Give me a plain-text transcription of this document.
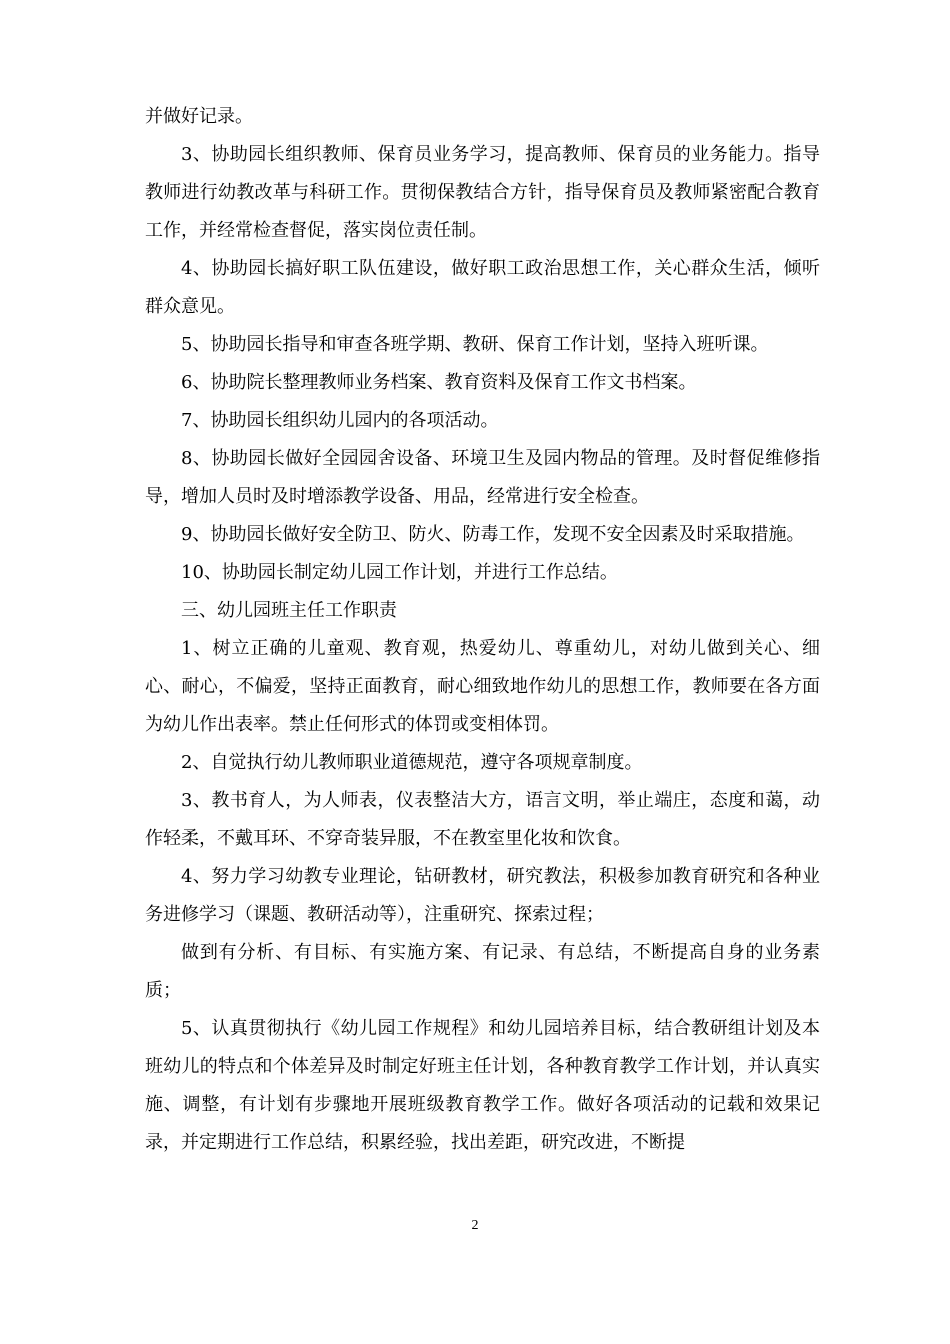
并做好记录。

3、协助园长组织教师、保育员业务学习，提高教师、保育员的业务能力。指导教师进行幼教改革与科研工作。贯彻保教结合方针，指导保育员及教师紧密配合教育工作，并经常检查督促，落实岗位责任制。

4、协助园长搞好职工队伍建设，做好职工政治思想工作，关心群众生活，倾听群众意见。

5、协助园长指导和审查各班学期、教研、保育工作计划，坚持入班听课。

6、协助院长整理教师业务档案、教育资料及保育工作文书档案。

7、协助园长组织幼儿园内的各项活动。

8、协助园长做好全园园舍设备、环境卫生及园内物品的管理。及时督促维修指导，增加人员时及时增添教学设备、用品，经常进行安全检查。

9、协助园长做好安全防卫、防火、防毒工作，发现不安全因素及时采取措施。

10、协助园长制定幼儿园工作计划，并进行工作总结。

三、幼儿园班主任工作职责

1、树立正确的儿童观、教育观，热爱幼儿、尊重幼儿，对幼儿做到关心、细心、耐心，不偏爱，坚持正面教育，耐心细致地作幼儿的思想工作，教师要在各方面为幼儿作出表率。禁止任何形式的体罚或变相体罚。

2、自觉执行幼儿教师职业道德规范，遵守各项规章制度。

3、教书育人，为人师表，仪表整洁大方，语言文明，举止端庄，态度和蔼，动作轻柔，不戴耳环、不穿奇装异服，不在教室里化妆和饮食。

4、努力学习幼教专业理论，钻研教材，研究教法，积极参加教育研究和各种业务进修学习（课题、教研活动等），注重研究、探索过程；

做到有分析、有目标、有实施方案、有记录、有总结，不断提高自身的业务素质；

5、认真贯彻执行《幼儿园工作规程》和幼儿园培养目标，结合教研组计划及本班幼儿的特点和个体差异及时制定好班主任计划，各种教育教学工作计划，并认真实施、调整，有计划有步骤地开展班级教育教学工作。做好各项活动的记载和效果记录，并定期进行工作总结，积累经验，找出差距，研究改进，不断提

2
